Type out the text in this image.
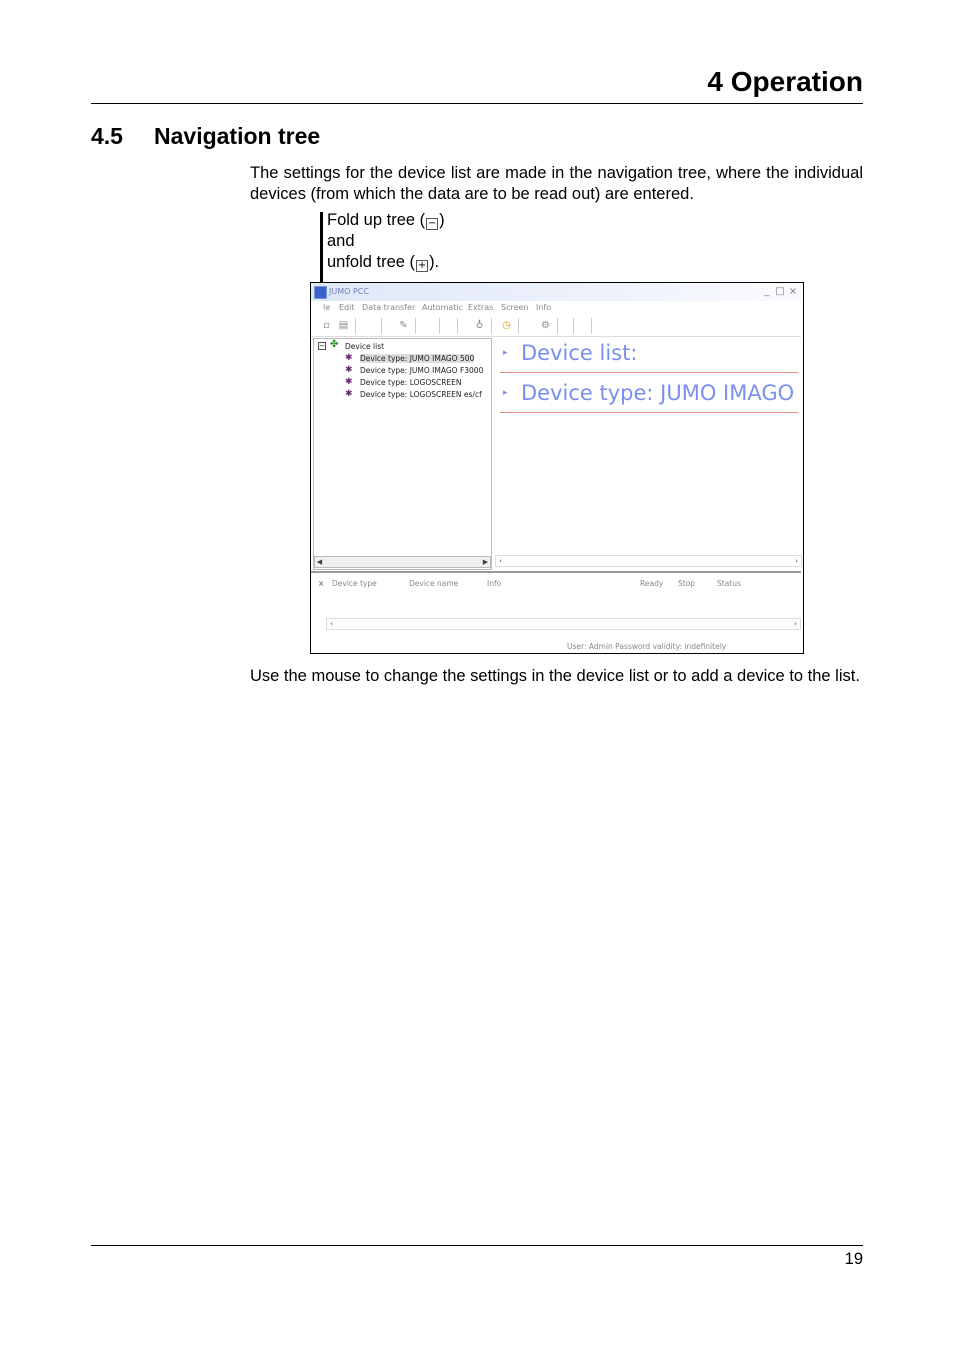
4 Operation
4.5 Navigation tree
The settings for the device list are made in the navigation tree, where the individual devices (from which the data are to be read out) are entered.
Fold up tree ( − )
and
unfold tree ( + ).
JUMO PCC	_ □ ×
le Edit Data transfer Automatic Extras Screen Info
▫ ▤	✎	♁ ◷	⚙
− ✤ Device list
✱ Device type: JUMO IMAGO 500
✱ Device type: JUMO IMAGO F3000
✱ Device type: LOGOSCREEN
✱ Device type: LOGOSCREEN es/cf
◀	▶
▸ Device list:
▸ Device type: JUMO IMAGO
‹	›
× Device type	Device name	Info	Ready Stop	Status
‹	›
User: Admin Password validity: indefinitely
Use the mouse to change the settings in the device list or to add a device to the list.
19
